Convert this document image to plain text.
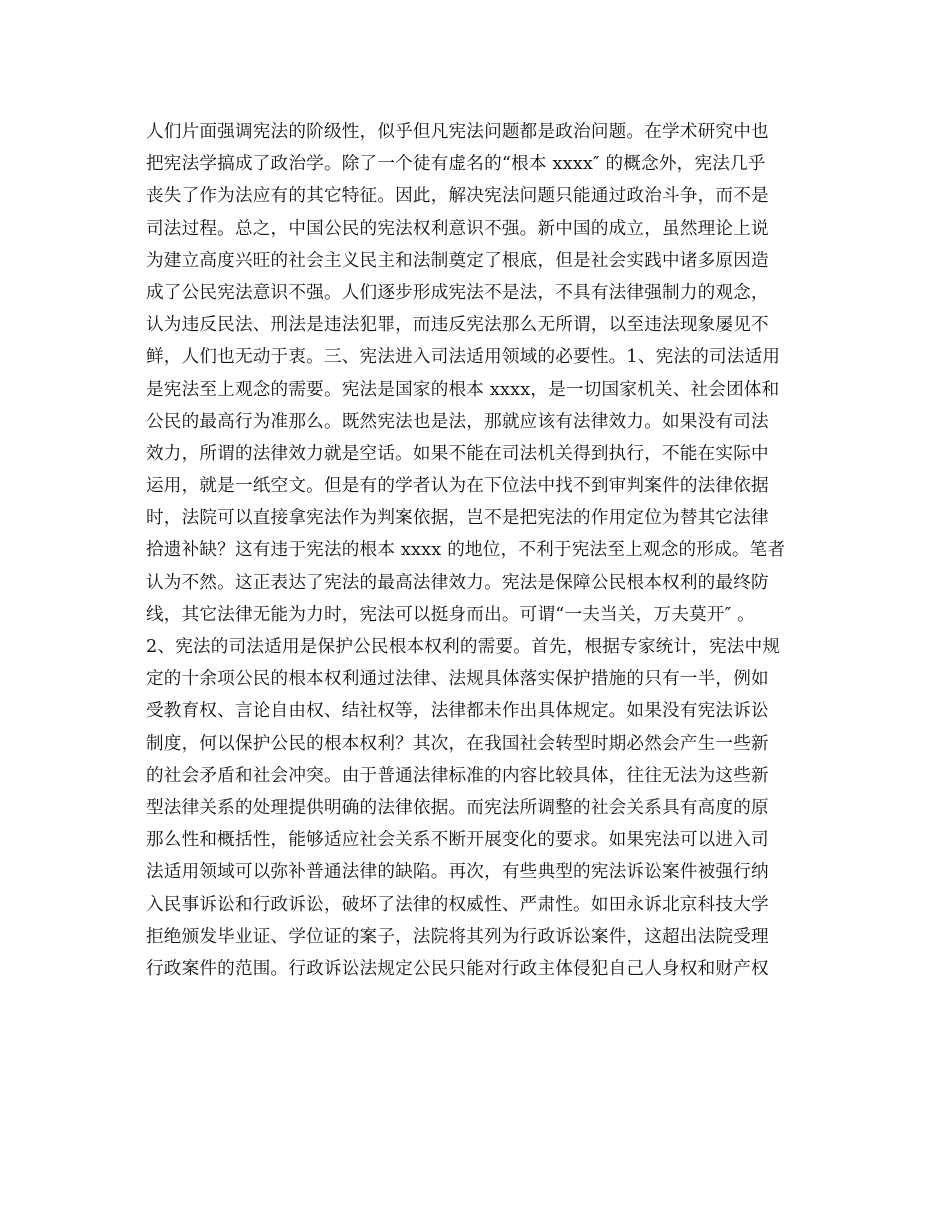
人们片面强调宪法的阶级性，似乎但凡宪法问题都是政治问题。在学术研究中也
把宪法学搞成了政治学。除了一个徒有虚名的“根本 xxxx″ 的概念外，宪法几乎
丧失了作为法应有的其它特征。因此，解决宪法问题只能通过政治斗争，而不是
司法过程。总之，中国公民的宪法权利意识不强。新中国的成立，虽然理论上说
为建立高度兴旺的社会主义民主和法制奠定了根底，但是社会实践中诸多原因造
成了公民宪法意识不强。人们逐步形成宪法不是法，不具有法律强制力的观念，
认为违反民法、刑法是违法犯罪，而违反宪法那么无所谓，以至违法现象屡见不
鲜，人们也无动于衷。三、宪法进入司法适用领域的必要性。1、宪法的司法适用
是宪法至上观念的需要。宪法是国家的根本 xxxx，是一切国家机关、社会团体和
公民的最高行为准那么。既然宪法也是法，那就应该有法律效力。如果没有司法
效力，所谓的法律效力就是空话。如果不能在司法机关得到执行，不能在实际中
运用，就是一纸空文。但是有的学者认为在下位法中找不到审判案件的法律依据
时，法院可以直接拿宪法作为判案依据，岂不是把宪法的作用定位为替其它法律
拾遗补缺？这有违于宪法的根本 xxxx 的地位，不利于宪法至上观念的形成。笔者
认为不然。这正表达了宪法的最高法律效力。宪法是保障公民根本权利的最终防
线，其它法律无能为力时，宪法可以挺身而出。可谓“一夫当关，万夫莫开″ 。
2、宪法的司法适用是保护公民根本权利的需要。首先，根据专家统计，宪法中规
定的十余项公民的根本权利通过法律、法规具体落实保护措施的只有一半，例如
受教育权、言论自由权、结社权等，法律都未作出具体规定。如果没有宪法诉讼
制度，何以保护公民的根本权利？其次，在我国社会转型时期必然会产生一些新
的社会矛盾和社会冲突。由于普通法律标准的内容比较具体，往往无法为这些新
型法律关系的处理提供明确的法律依据。而宪法所调整的社会关系具有高度的原
那么性和概括性，能够适应社会关系不断开展变化的要求。如果宪法可以进入司
法适用领域可以弥补普通法律的缺陷。再次，有些典型的宪法诉讼案件被强行纳
入民事诉讼和行政诉讼，破坏了法律的权威性、严肃性。如田永诉北京科技大学
拒绝颁发毕业证、学位证的案子，法院将其列为行政诉讼案件，这超出法院受理
行政案件的范围。行政诉讼法规定公民只能对行政主体侵犯自己人身权和财产权
